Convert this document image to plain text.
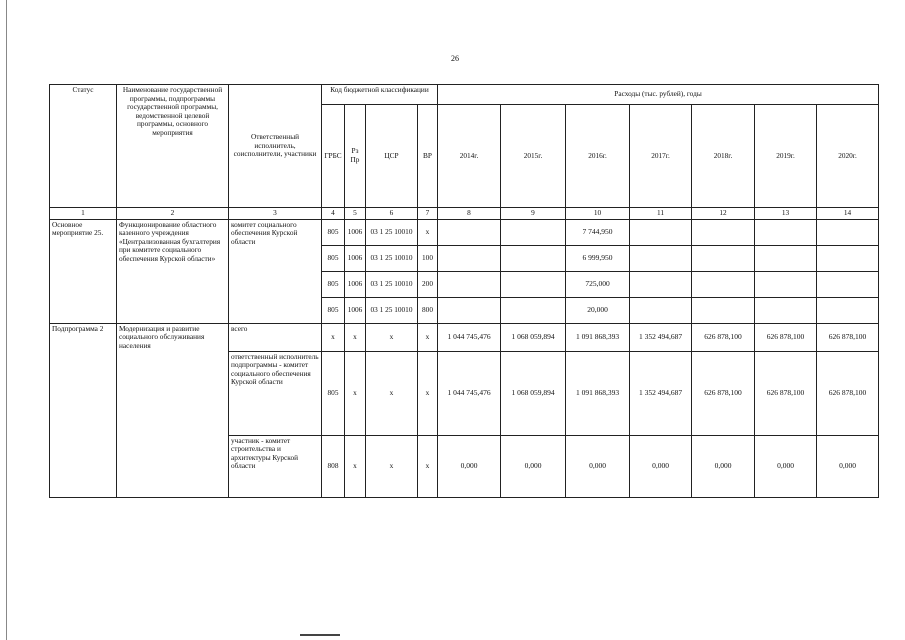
26
Статус	Наименование государственной программы, подпрограммы государственной программы, ведомственной целевой программы, основного мероприятия	Ответственный исполнитель, соисполнители, участники	Код бюджетной классификации				Расходы (тыс. рублей), годы						
			ГРБС	Рз Пр	ЦСР	ВР	2014г.	2015г.	2016г.	2017г.	2018г.	2019г.	2020г.
1	2	3	4	5	6	7	8	9	10	11	12	13	14
Основное мероприятие 25.	Функционирование областного казенного учреждения «Централизованная бухгалтерия при комитете социального обеспечения Курской области»	комитет социального обеспечения Курской области	805	1006	03 1 25 10010	х			7 744,950				
			805	1006	03 1 25 10010	100			6 999,950				
			805	1006	03 1 25 10010	200			725,000				
			805	1006	03 1 25 10010	800			20,000				
Подпрограмма 2	Модернизация и развитие социального обслуживания населения	всего	х	х	х	х	1 044 745,476	1 068 059,894	1 091 868,393	1 352 494,687	626 878,100	626 878,100	626 878,100
		ответственный исполнитель подпрограммы - комитет социального обеспечения Курской области	805	х	х	х	1 044 745,476	1 068 059,894	1 091 868,393	1 352 494,687	626 878,100	626 878,100	626 878,100
		участник - комитет строительства и архитектуры Курской области	808	х	х	х	0,000	0,000	0,000	0,000	0,000	0,000	0,000
